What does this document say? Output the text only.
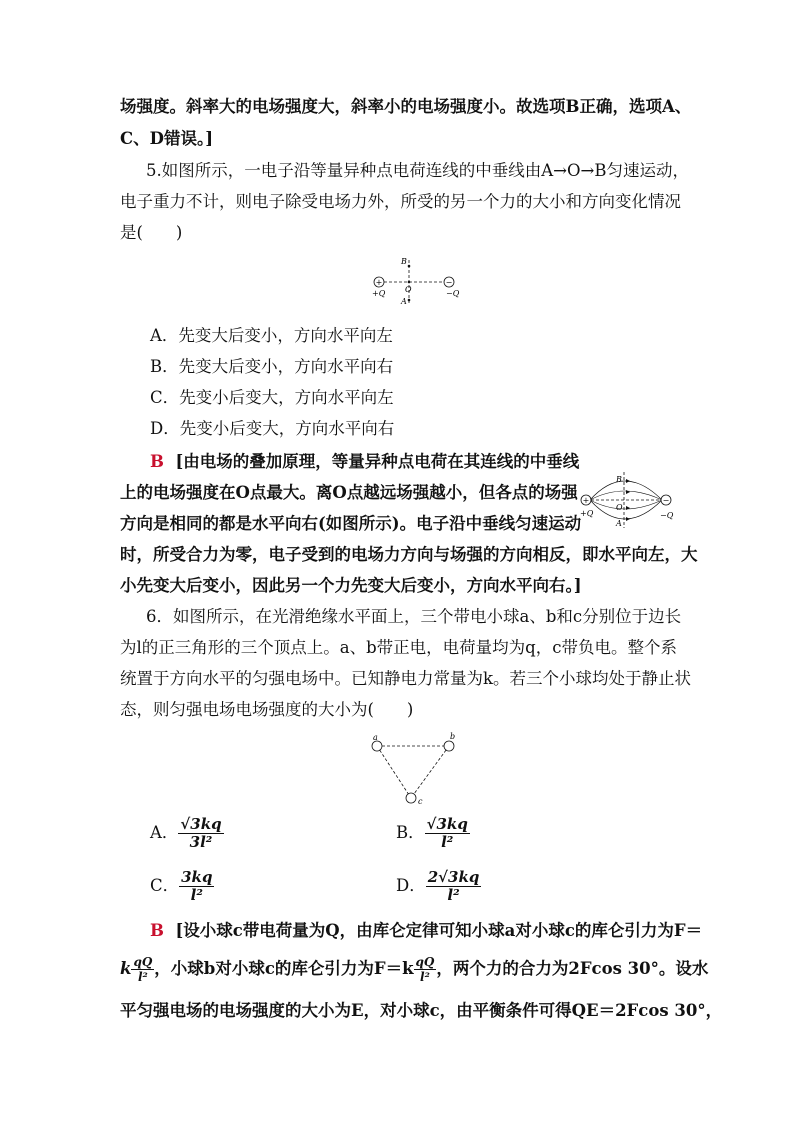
场强度。斜率大的电场强度大，斜率小的电场强度小。故选项B正确，选项A、
C、D错误。]
5.如图所示，一电子沿等量异种点电荷连线的中垂线由A→O→B匀速运动，
电子重力不计，则电子除受电场力外，所受的另一个力的大小和方向变化情况
是(　　)
+	−
+Q	−Q
B
O
A
A．先变大后变小，方向水平向左
B．先变大后变小，方向水平向右
C．先变小后变大，方向水平向左
D．先变小后变大，方向水平向右
B [由电场的叠加原理，等量异种点电荷在其连线的中垂线
上的电场强度在O点最大。离O点越远场强越小，但各点的场强
方向是相同的都是水平向右(如图所示)。电子沿中垂线匀速运动
时，所受合力为零，电子受到的电场力方向与场强的方向相反，即水平向左，大
小先变大后变小，因此另一个力先变大后变小，方向水平向右。]
+	−
+Q	−Q
B
O
A
6．如图所示，在光滑绝缘水平面上，三个带电小球a、b和c分别位于边长
为l的正三角形的三个顶点上。a、b带正电，电荷量均为q，c带负电。整个系
统置于方向水平的匀强电场中。已知静电力常量为k。若三个小球均处于静止状
态，则匀强电场电场强度的大小为(　　)
a	b
c
A． $\frac{√3kq}{\text{3l²}}$	B． $\frac{√3kq}{\text{l²}}$
C． $\frac{3kq}{\text{l²}}$	D． $\frac{2√3kq}{\text{l²}}$
B [设小球c带电荷量为Q，由库仑定律可知小球a对小球c的库仑引力为F＝
k $\frac{qQ}{\text{l²}}$ ，小球b对小球c的库仑引力为$F=k \frac{qQ}{\text{l²}}$ ，两个力的合力为2Fcos 30°。设水
平匀强电场的电场强度的大小为E，对小球c，由平衡条件可得QE＝2Fcos 30°，
